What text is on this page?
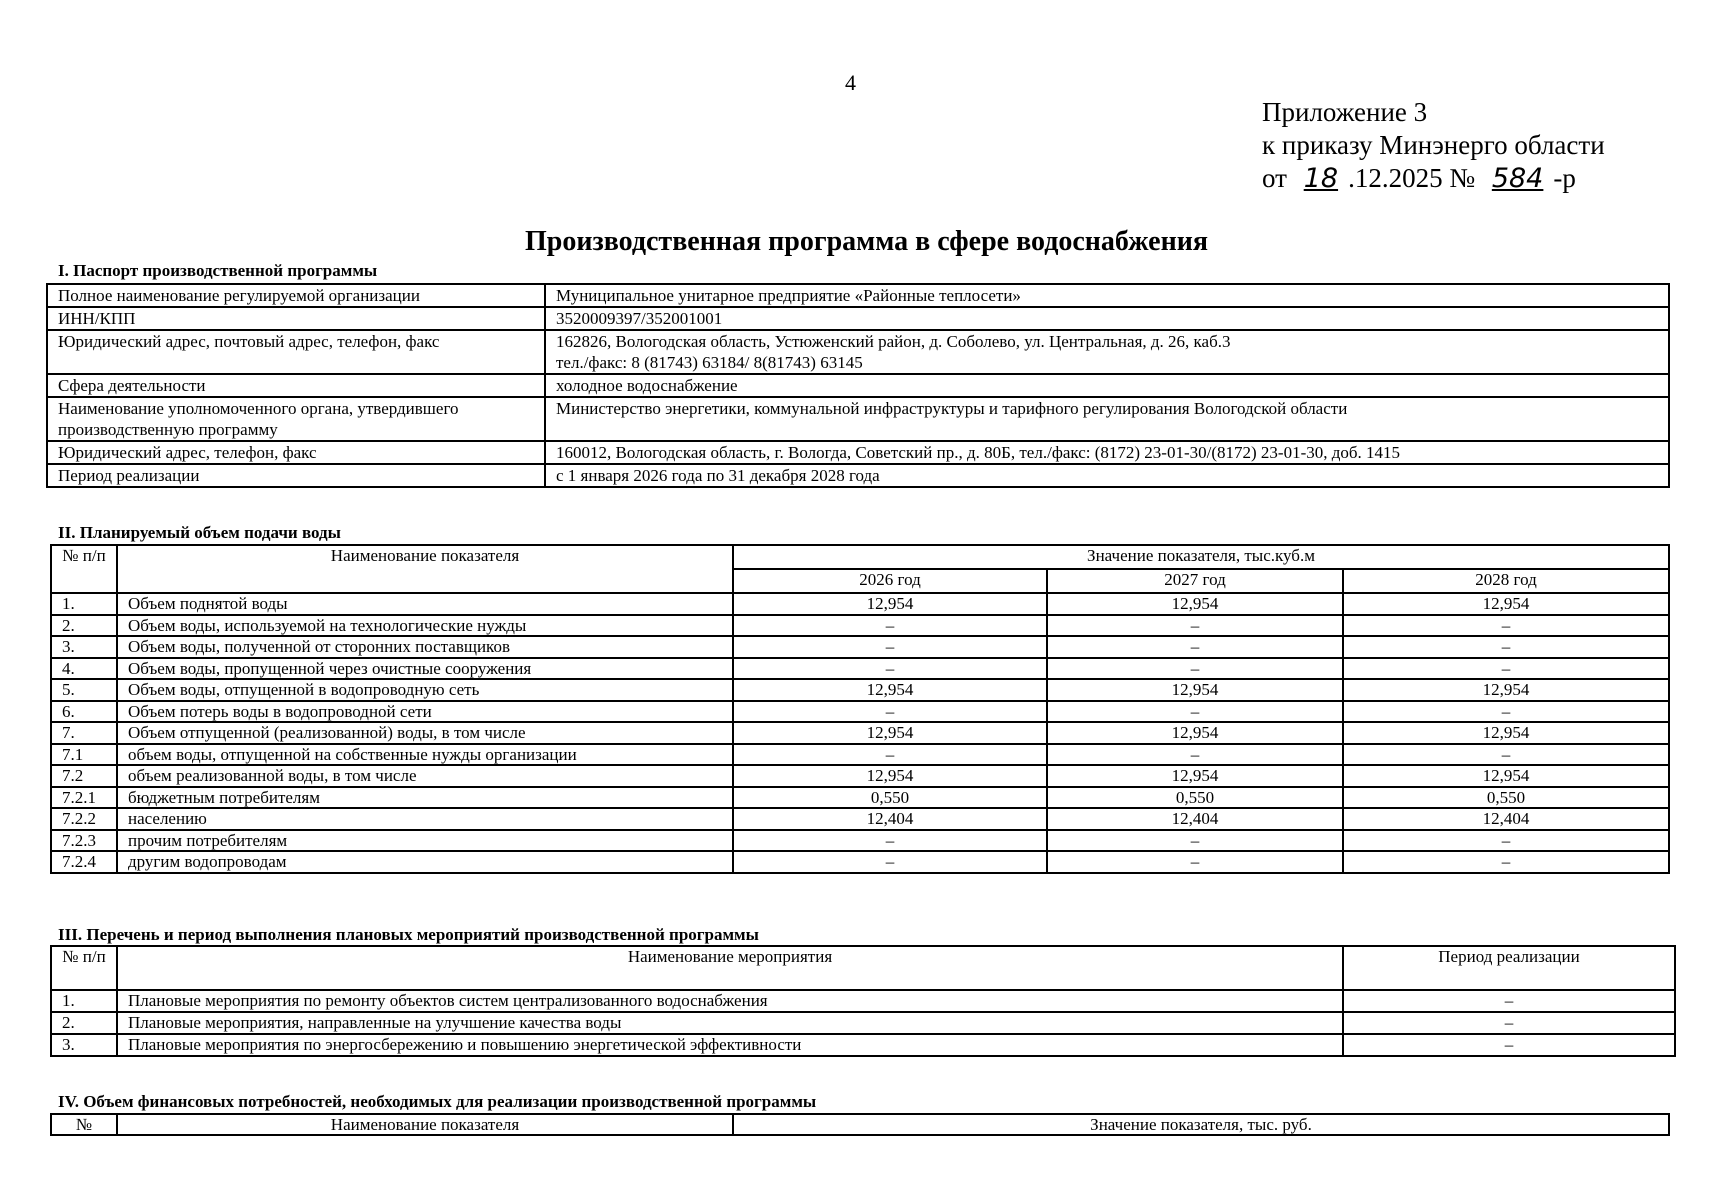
4
Приложение 3
к приказу Минэнерго области
от 18 .12.2025 № 584 -р
Производственная программа в сфере водоснабжения
I. Паспорт производственной программы
Полное наименование регулируемой организации	Муниципальное унитарное предприятие «Районные теплосети»

ИНН/КПП	3520009397/352001001

Юридический адрес, почтовый адрес, телефон, факс	162826, Вологодская область, Устюженский район, д. Соболево, ул. Центральная, д. 26, каб.3
тел./факс: 8 (81743) 63184/ 8(81743) 63145

Сфера деятельности	холодное водоснабжение

Наименование уполномоченного органа, утвердившего производственную программу	Министерство энергетики, коммунальной инфраструктуры и тарифного регулирования Вологодской области

Юридический адрес, телефон, факс	160012, Вологодская область, г. Вологда, Советский пр., д. 80Б, тел./факс: (8172) 23-01-30/(8172) 23-01-30, доб. 1415

Период реализации	с 1 января 2026 года по 31 декабря 2028 года
II. Планируемый объем подачи воды
№ п/п	Наименование показателя	Значение показателя, тыс.куб.м		
		2026 год	2027 год	2028 год
1.	Объем поднятой воды	12,954	12,954	12,954
2.	Объем воды, используемой на технологические нужды	–	–	–
3.	Объем воды, полученной от сторонних поставщиков	–	–	–
4.	Объем воды, пропущенной через очистные сооружения	–	–	–
5.	Объем воды, отпущенной в водопроводную сеть	12,954	12,954	12,954
6.	Объем потерь воды в водопроводной сети	–	–	–
7.	Объем отпущенной (реализованной) воды, в том числе	12,954	12,954	12,954
7.1	объем воды, отпущенной на собственные нужды организации	–	–	–
7.2	объем реализованной воды, в том числе	12,954	12,954	12,954
7.2.1	бюджетным потребителям	0,550	0,550	0,550
7.2.2	населению	12,404	12,404	12,404
7.2.3	прочим потребителям	–	–	–
7.2.4	другим водопроводам	–	–	–
III. Перечень и период выполнения плановых мероприятий производственной программы
№ п/п	Наименование мероприятия	Период реализации
1.	Плановые мероприятия по ремонту объектов систем централизованного водоснабжения	–
2.	Плановые мероприятия, направленные на улучшение качества воды	–
3.	Плановые мероприятия по энергосбережению и повышению энергетической эффективности	–
IV. Объем финансовых потребностей, необходимых для реализации производственной программы
№	Наименование показателя	Значение показателя, тыс. руб.
